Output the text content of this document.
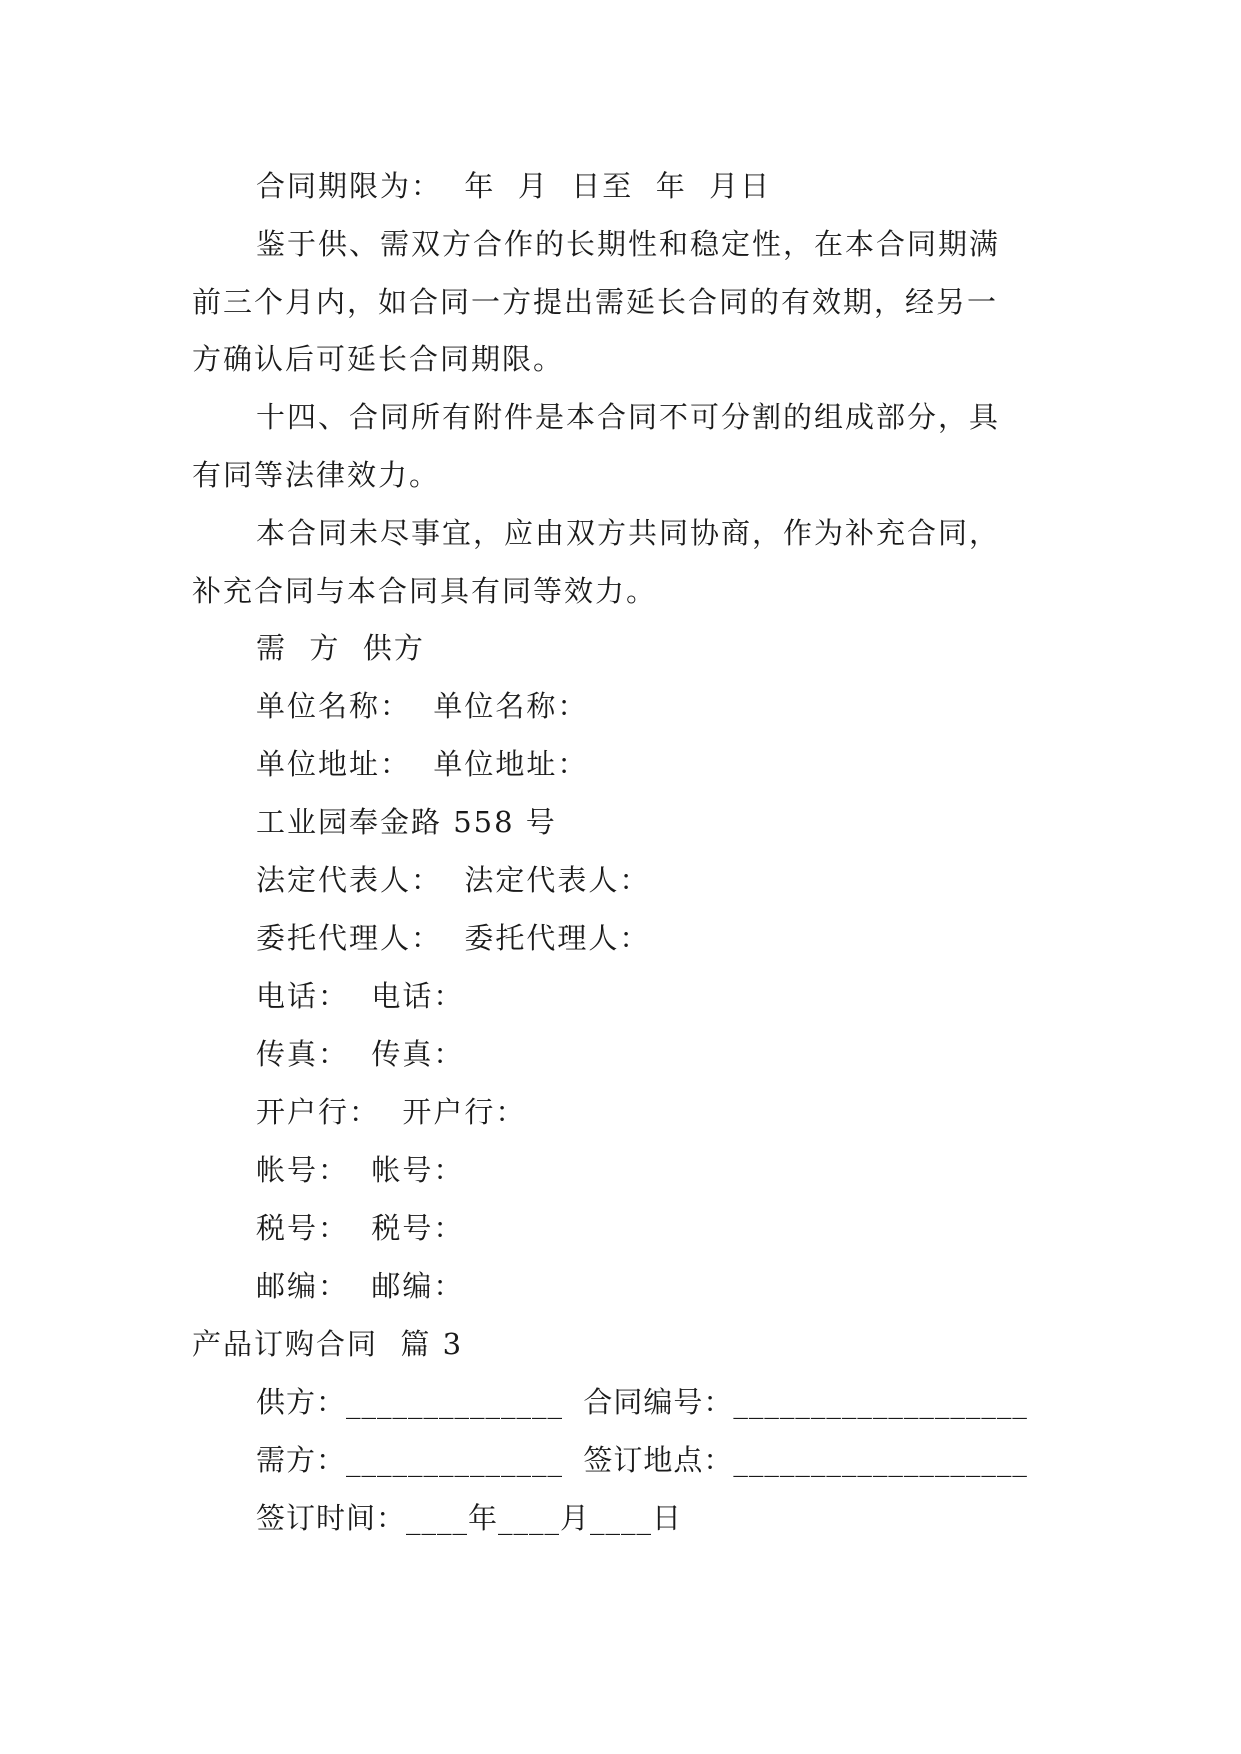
合同期限为：  年  月  日至  年  月日
鉴于供、需双方合作的长期性和稳定性，在本合同期满
前三个月内，如合同一方提出需延长合同的有效期，经另一
方确认后可延长合同期限。
十四、合同所有附件是本合同不可分割的组成部分，具
有同等法律效力。
本合同未尽事宜，应由双方共同协商，作为补充合同，
补充合同与本合同具有同等效力。
需  方  供方
单位名称：  单位名称：
单位地址：  单位地址：
工业园奉金路 558 号
法定代表人：  法定代表人：
委托代理人：  委托代理人：
电话：  电话：
传真：  传真：
开户行：  开户行：
帐号：  帐号：
税号：  税号：
邮编：  邮编：
产品订购合同  篇 3
供方：______________  合同编号：___________________
需方：______________  签订地点：___________________
签订时间：____年____月____日
